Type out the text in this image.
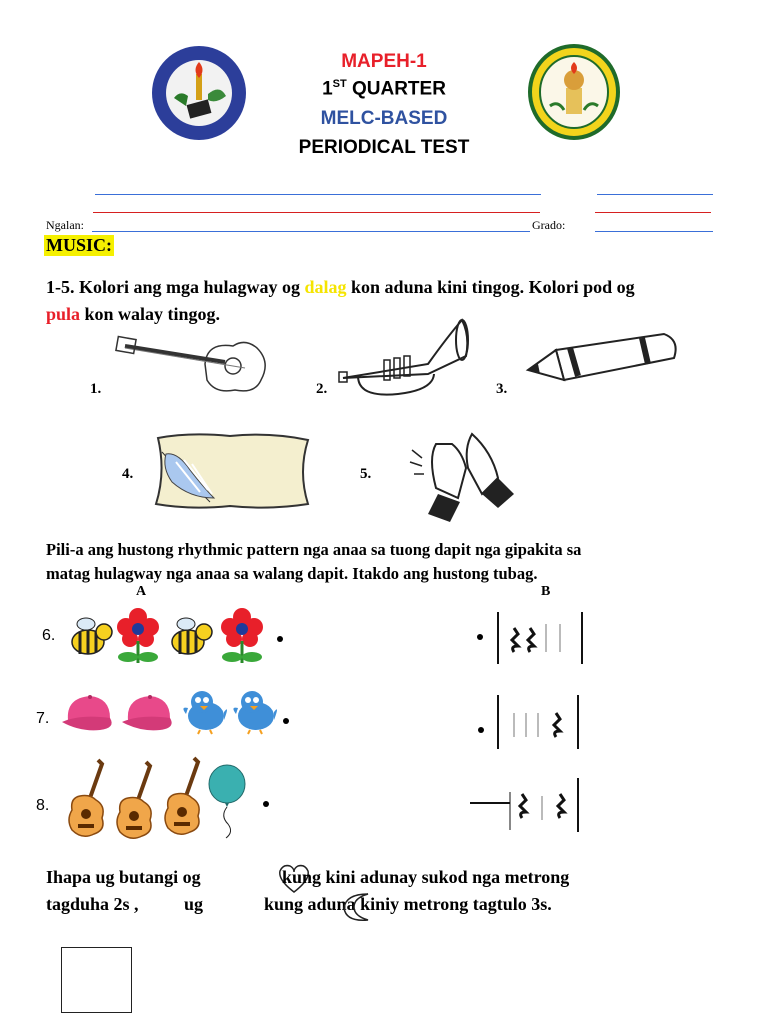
MAPEH-1
1ST QUARTER
MELC-BASED
PERIODICAL TEST
Ngalan:	Grado:
MUSIC:
1-5. Kolori ang mga hulagway og dalag kon aduna kini tingog. Kolori pod og
pula kon walay tingog.
1.	2.	3.
4.	5.
Pili-a ang hustong rhythmic pattern nga anaa sa tuong dapit nga gipakita sa
matag hulagway nga anaa sa walang dapit. Itakdo ang hustong tubag.
A	B
6.
7.
8.
Ihapa ug butangi og	kung kini adunay sukod nga metrong
tagduha 2s ,	ug	kung aduna kiniy metrong tagtulo 3s.
